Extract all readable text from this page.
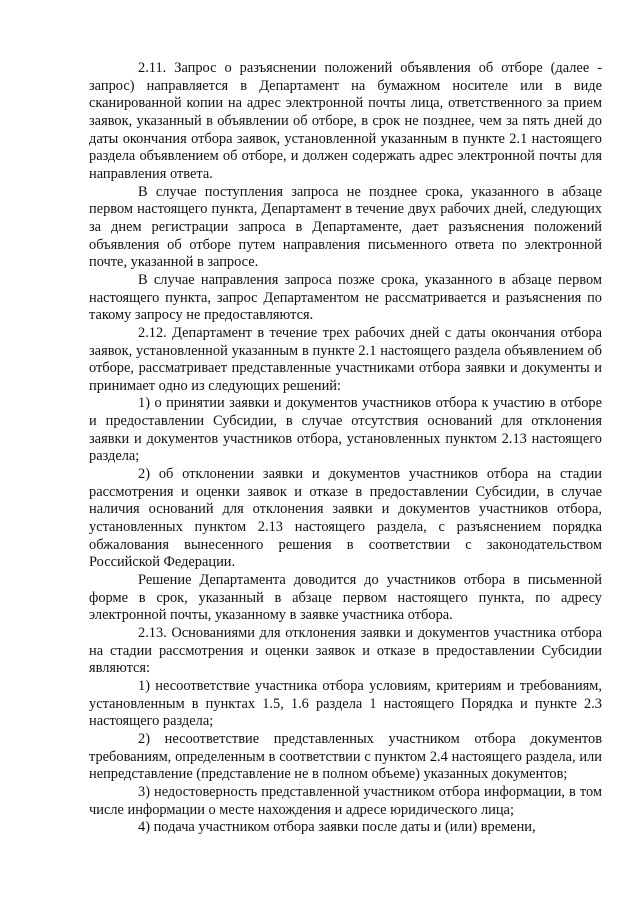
2.11. Запрос о разъяснении положений объявления об отборе (далее - запрос) направляется в Департамент на бумажном носителе или в виде сканированной копии на адрес электронной почты лица, ответственного за прием заявок, указанный в объявлении об отборе, в срок не позднее, чем за пять дней до даты окончания отбора заявок, установленной указанным в пункте 2.1 настоящего раздела объявлением об отборе, и должен содержать адрес электронной почты для направления ответа.

В случае поступления запроса не позднее срока, указанного в абзаце первом настоящего пункта, Департамент в течение двух рабочих дней, следующих за днем регистрации запроса в Департаменте, дает разъяснения положений объявления об отборе путем направления письменного ответа по электронной почте, указанной в запросе.

В случае направления запроса позже срока, указанного в абзаце первом настоящего пункта, запрос Департаментом не рассматривается и разъяснения по такому запросу не предоставляются.

2.12. Департамент в течение трех рабочих дней с даты окончания отбора заявок, установленной указанным в пункте 2.1 настоящего раздела объявлением об отборе, рассматривает представленные участниками отбора заявки и документы и принимает одно из следующих решений:

1) о принятии заявки и документов участников отбора к участию в отборе и предоставлении Субсидии, в случае отсутствия оснований для отклонения заявки и документов участников отбора, установленных пунктом 2.13 настоящего раздела;

2) об отклонении заявки и документов участников отбора на стадии рассмотрения и оценки заявок и отказе в предоставлении Субсидии, в случае наличия оснований для отклонения заявки и документов участников отбора, установленных пунктом 2.13 настоящего раздела, с разъяснением порядка обжалования вынесенного решения в соответствии с законодательством Российской Федерации.

Решение Департамента доводится до участников отбора в письменной форме в срок, указанный в абзаце первом настоящего пункта, по адресу электронной почты, указанному в заявке участника отбора.

2.13. Основаниями для отклонения заявки и документов участника отбора на стадии рассмотрения и оценки заявок и отказе в предоставлении Субсидии являются:

1) несоответствие участника отбора условиям, критериям и требованиям, установленным в пунктах 1.5, 1.6 раздела 1 настоящего Порядка и пункте 2.3 настоящего раздела;

2) несоответствие представленных участником отбора документов требованиям, определенным в соответствии с пунктом 2.4 настоящего раздела, или непредставление (представление не в полном объеме) указанных документов;

3) недостоверность представленной участником отбора информации, в том числе информации о месте нахождения и адресе юридического лица;

4) подача участником отбора заявки после даты и (или) времени,
